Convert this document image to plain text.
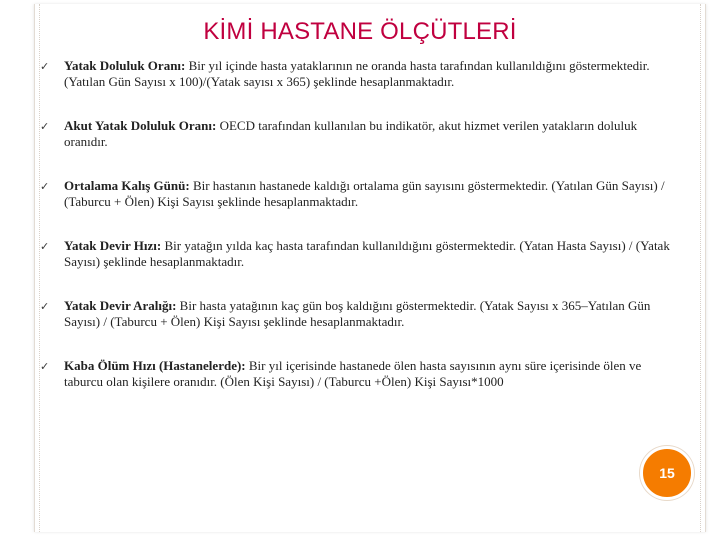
KİMİ HASTANE ÖLÇÜTLERİ
✓ Yatak Doluluk Oranı: Bir yıl içinde hasta yataklarının ne oranda hasta tarafından kullanıldığını göstermektedir. (Yatılan Gün Sayısı x 100)/(Yatak sayısı x 365) şeklinde hesaplanmaktadır.
✓ Akut Yatak Doluluk Oranı: OECD tarafından kullanılan bu indikatör, akut hizmet verilen yatakların doluluk oranıdır.
✓ Ortalama Kalış Günü: Bir hastanın hastanede kaldığı ortalama gün sayısını göstermektedir. (Yatılan Gün Sayısı) / (Taburcu + Ölen) Kişi Sayısı şeklinde hesaplanmaktadır.
✓ Yatak Devir Hızı: Bir yatağın yılda kaç hasta tarafından kullanıldığını göstermektedir. (Yatan Hasta Sayısı) / (Yatak Sayısı) şeklinde hesaplanmaktadır.
✓ Yatak Devir Aralığı: Bir hasta yatağının kaç gün boş kaldığını göstermektedir. (Yatak Sayısı x 365–Yatılan Gün Sayısı) / (Taburcu + Ölen) Kişi Sayısı şeklinde hesaplanmaktadır.
✓ Kaba Ölüm Hızı (Hastanelerde): Bir yıl içerisinde hastanede ölen hasta sayısının aynı süre içerisinde ölen ve taburcu olan kişilere oranıdır. (Ölen Kişi Sayısı) / (Taburcu +Ölen) Kişi Sayısı*1000
15
